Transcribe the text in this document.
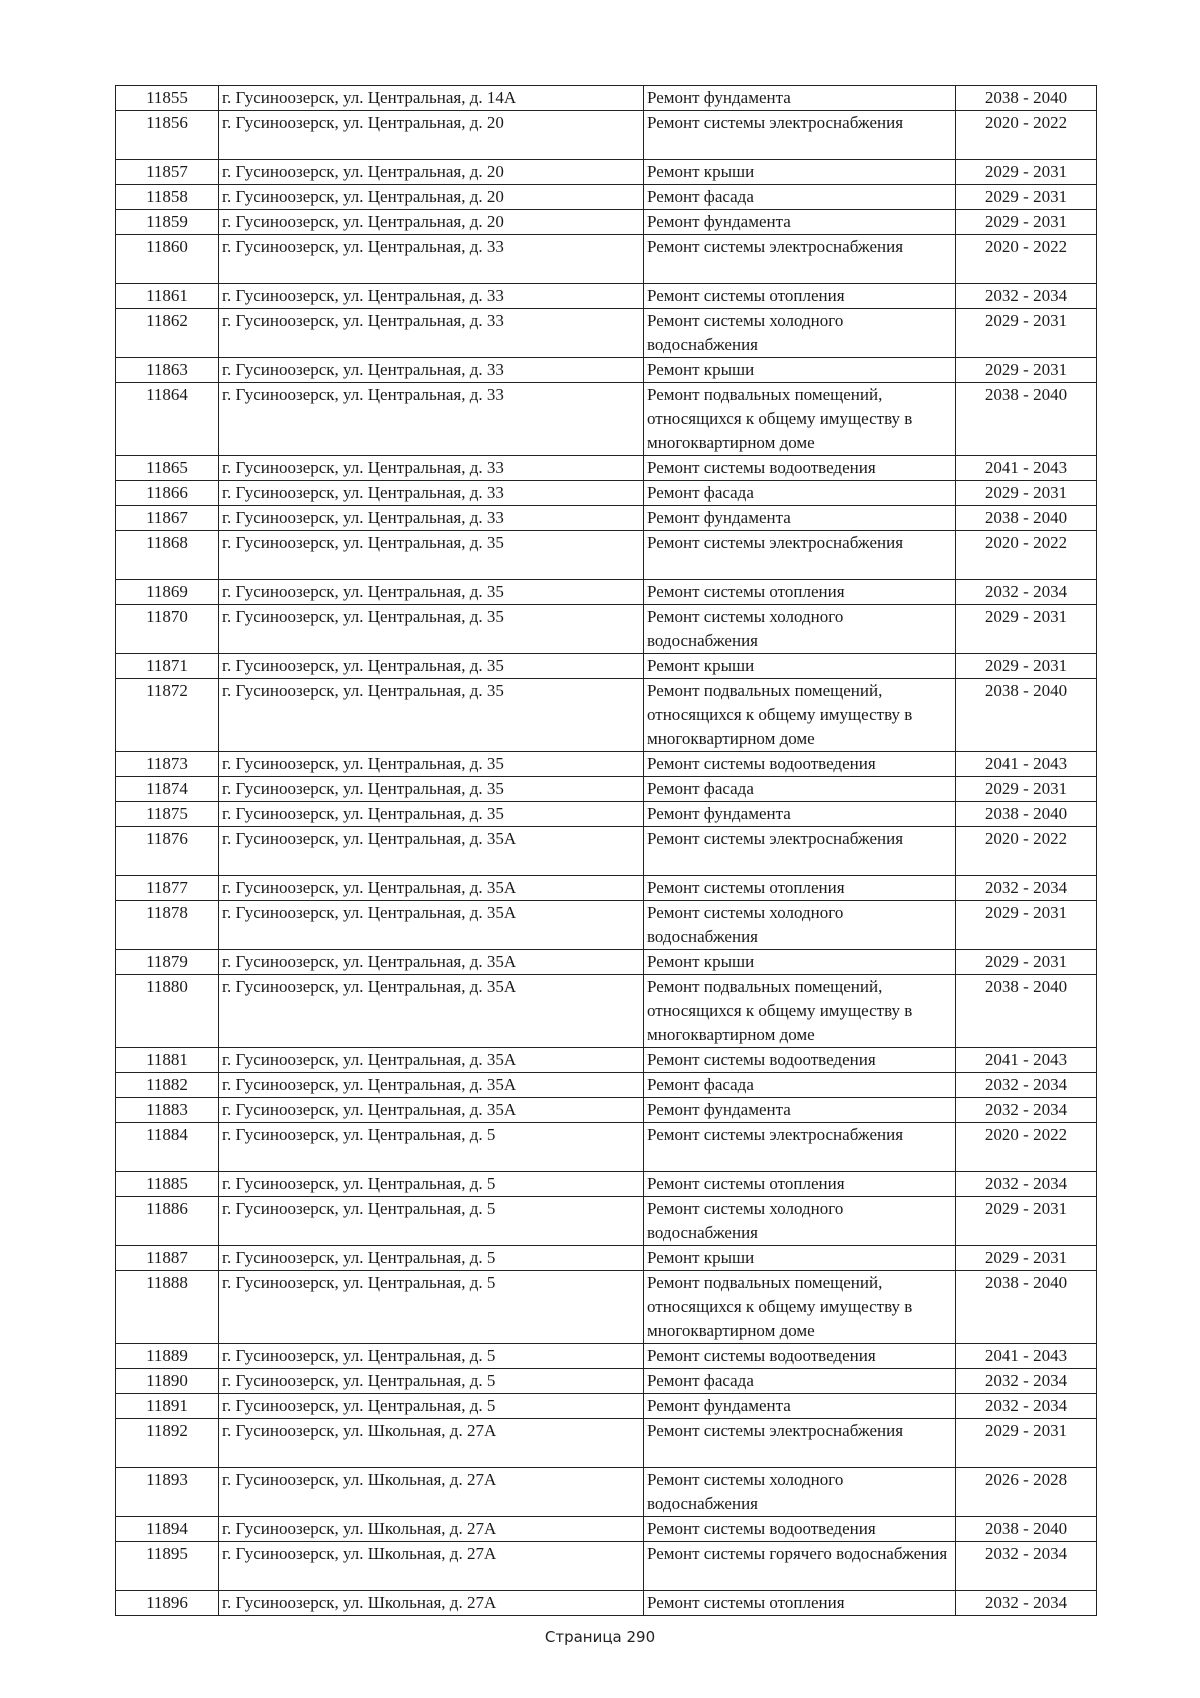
11855	г. Гусиноозерск, ул. Центральная, д. 14А	Ремонт фундамента	2038 - 2040
11856	г. Гусиноозерск, ул. Центральная, д. 20	Ремонт системы электроснабжения	2020 - 2022
11857	г. Гусиноозерск, ул. Центральная, д. 20	Ремонт крыши	2029 - 2031
11858	г. Гусиноозерск, ул. Центральная, д. 20	Ремонт фасада	2029 - 2031
11859	г. Гусиноозерск, ул. Центральная, д. 20	Ремонт фундамента	2029 - 2031
11860	г. Гусиноозерск, ул. Центральная, д. 33	Ремонт системы электроснабжения	2020 - 2022
11861	г. Гусиноозерск, ул. Центральная, д. 33	Ремонт системы отопления	2032 - 2034
11862	г. Гусиноозерск, ул. Центральная, д. 33	Ремонт системы холодного водоснабжения	2029 - 2031
11863	г. Гусиноозерск, ул. Центральная, д. 33	Ремонт крыши	2029 - 2031
11864	г. Гусиноозерск, ул. Центральная, д. 33	Ремонт подвальных помещений, относящихся к общему имуществу в многоквартирном доме	2038 - 2040
11865	г. Гусиноозерск, ул. Центральная, д. 33	Ремонт системы водоотведения	2041 - 2043
11866	г. Гусиноозерск, ул. Центральная, д. 33	Ремонт фасада	2029 - 2031
11867	г. Гусиноозерск, ул. Центральная, д. 33	Ремонт фундамента	2038 - 2040
11868	г. Гусиноозерск, ул. Центральная, д. 35	Ремонт системы электроснабжения	2020 - 2022
11869	г. Гусиноозерск, ул. Центральная, д. 35	Ремонт системы отопления	2032 - 2034
11870	г. Гусиноозерск, ул. Центральная, д. 35	Ремонт системы холодного водоснабжения	2029 - 2031
11871	г. Гусиноозерск, ул. Центральная, д. 35	Ремонт крыши	2029 - 2031
11872	г. Гусиноозерск, ул. Центральная, д. 35	Ремонт подвальных помещений, относящихся к общему имуществу в многоквартирном доме	2038 - 2040
11873	г. Гусиноозерск, ул. Центральная, д. 35	Ремонт системы водоотведения	2041 - 2043
11874	г. Гусиноозерск, ул. Центральная, д. 35	Ремонт фасада	2029 - 2031
11875	г. Гусиноозерск, ул. Центральная, д. 35	Ремонт фундамента	2038 - 2040
11876	г. Гусиноозерск, ул. Центральная, д. 35А	Ремонт системы электроснабжения	2020 - 2022
11877	г. Гусиноозерск, ул. Центральная, д. 35А	Ремонт системы отопления	2032 - 2034
11878	г. Гусиноозерск, ул. Центральная, д. 35А	Ремонт системы холодного водоснабжения	2029 - 2031
11879	г. Гусиноозерск, ул. Центральная, д. 35А	Ремонт крыши	2029 - 2031
11880	г. Гусиноозерск, ул. Центральная, д. 35А	Ремонт подвальных помещений, относящихся к общему имуществу в многоквартирном доме	2038 - 2040
11881	г. Гусиноозерск, ул. Центральная, д. 35А	Ремонт системы водоотведения	2041 - 2043
11882	г. Гусиноозерск, ул. Центральная, д. 35А	Ремонт фасада	2032 - 2034
11883	г. Гусиноозерск, ул. Центральная, д. 35А	Ремонт фундамента	2032 - 2034
11884	г. Гусиноозерск, ул. Центральная, д. 5	Ремонт системы электроснабжения	2020 - 2022
11885	г. Гусиноозерск, ул. Центральная, д. 5	Ремонт системы отопления	2032 - 2034
11886	г. Гусиноозерск, ул. Центральная, д. 5	Ремонт системы холодного водоснабжения	2029 - 2031
11887	г. Гусиноозерск, ул. Центральная, д. 5	Ремонт крыши	2029 - 2031
11888	г. Гусиноозерск, ул. Центральная, д. 5	Ремонт подвальных помещений, относящихся к общему имуществу в многоквартирном доме	2038 - 2040
11889	г. Гусиноозерск, ул. Центральная, д. 5	Ремонт системы водоотведения	2041 - 2043
11890	г. Гусиноозерск, ул. Центральная, д. 5	Ремонт фасада	2032 - 2034
11891	г. Гусиноозерск, ул. Центральная, д. 5	Ремонт фундамента	2032 - 2034
11892	г. Гусиноозерск, ул. Школьная, д. 27А	Ремонт системы электроснабжения	2029 - 2031
11893	г. Гусиноозерск, ул. Школьная, д. 27А	Ремонт системы холодного водоснабжения	2026 - 2028
11894	г. Гусиноозерск, ул. Школьная, д. 27А	Ремонт системы водоотведения	2038 - 2040
11895	г. Гусиноозерск, ул. Школьная, д. 27А	Ремонт системы горячего водоснабжения	2032 - 2034
11896	г. Гусиноозерск, ул. Школьная, д. 27А	Ремонт системы отопления	2032 - 2034
Страница 290
